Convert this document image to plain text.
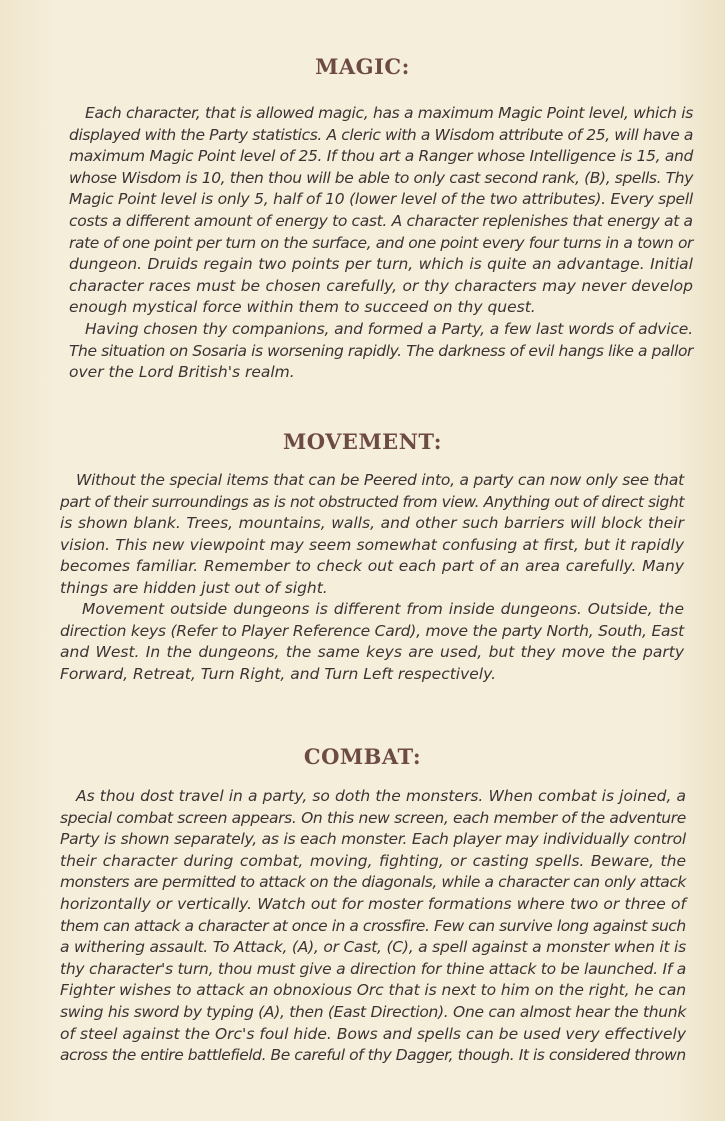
MAGIC:
Each character, that is allowed magic, has a maximum Magic Point level, which is
displayed with the Party statistics. A cleric with a Wisdom attribute of 25, will have a
maximum Magic Point level of 25. If thou art a Ranger whose Intelligence is 15, and
whose Wisdom is 10, then thou will be able to only cast second rank, (B), spells. Thy
Magic Point level is only 5, half of 10 (lower level of the two attributes). Every spell
costs a different amount of energy to cast. A character replenishes that energy at a
rate of one point per turn on the surface, and one point every four turns in a town or
dungeon. Druids regain two points per turn, which is quite an advantage. Initial
character races must be chosen carefully, or thy characters may never develop
enough mystical force within them to succeed on thy quest.
Having chosen thy companions, and formed a Party, a few last words of advice.
The situation on Sosaria is worsening rapidly. The darkness of evil hangs like a pallor
over the Lord British's realm.
MOVEMENT:
Without the special items that can be Peered into, a party can now only see that
part of their surroundings as is not obstructed from view. Anything out of direct sight
is shown blank. Trees, mountains, walls, and other such barriers will block their
vision. This new viewpoint may seem somewhat confusing at first, but it rapidly
becomes familiar. Remember to check out each part of an area carefully. Many
things are hidden just out of sight.
Movement outside dungeons is different from inside dungeons. Outside, the
direction keys (Refer to Player Reference Card), move the party North, South, East
and West. In the dungeons, the same keys are used, but they move the party
Forward, Retreat, Turn Right, and Turn Left respectively.
COMBAT:
As thou dost travel in a party, so doth the monsters. When combat is joined, a
special combat screen appears. On this new screen, each member of the adventure
Party is shown separately, as is each monster. Each player may individually control
their character during combat, moving, fighting, or casting spells. Beware, the
monsters are permitted to attack on the diagonals, while a character can only attack
horizontally or vertically. Watch out for moster formations where two or three of
them can attack a character at once in a crossfire. Few can survive long against such
a withering assault. To Attack, (A), or Cast, (C), a spell against a monster when it is
thy character's turn, thou must give a direction for thine attack to be launched. If a
Fighter wishes to attack an obnoxious Orc that is next to him on the right, he can
swing his sword by typing (A), then (East Direction). One can almost hear the thunk
of steel against the Orc's foul hide. Bows and spells can be used very effectively
across the entire battlefield. Be careful of thy Dagger, though. It is considered thrown
